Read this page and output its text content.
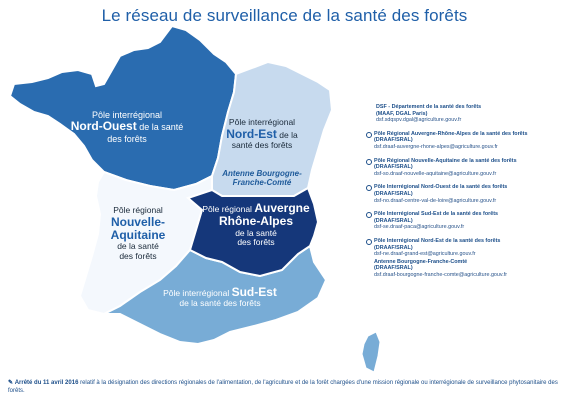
Le réseau de surveillance de la santé des forêts
Pôle interrégional
Nord-Ouest de la santé
des forêts
Pôle interrégional
Nord-Est de la
santé des forêts
Antenne Bourgogne-Franche-Comté
Pôle régional
Nouvelle-
Aquitaine
de la santé
des forêts
Pôle régional Auvergne
Rhône-Alpes
de la santé
des forêts
Pôle interrégional Sud-Est
de la santé des forêts
DSF - Département de la santé des forêts
(MAAF, DGAL Paris)
dsf.sdqspv.dgal@agriculture.gouv.fr
Pôle Régional Auvergne-Rhône-Alpes de la santé des forêts
(DRAAF/SRAL)
dsf.draaf-auvergne-rhone-alpes@agriculture.gouv.fr
Pôle Régional Nouvelle-Aquitaine de la santé des forêts
(DRAAF/SRAL)
dsf-so.draaf-nouvelle-aquitaine@agriculture.gouv.fr
Pôle Interrégional Nord-Ouest de la santé des forêts
(DRAAF/SRAL)
dsf-no.draaf-centre-val-de-loire@agriculture.gouv.fr
Pôle Interrégional Sud-Est de la santé des forêts
(DRAAF/SRAL)
dsf-se.draaf-paca@agriculture.gouv.fr
Pôle Interrégional Nord-Est de la santé des forêts
(DRAAF/SRAL)
dsf-ne.draaf-grand-est@agriculture.gouv.fr
Antenne Bourgogne-Franche-Comté
(DRAAF/SRAL)
dsf.draaf-bourgogne-franche-comte@agriculture.gouv.fr
✎ Arrêté du 11 avril 2016 relatif à la désignation des directions régionales de l'alimentation, de l'agriculture et de la forêt chargées d'une mission régionale ou interrégionale de surveillance phytosanitaire des forêts.
